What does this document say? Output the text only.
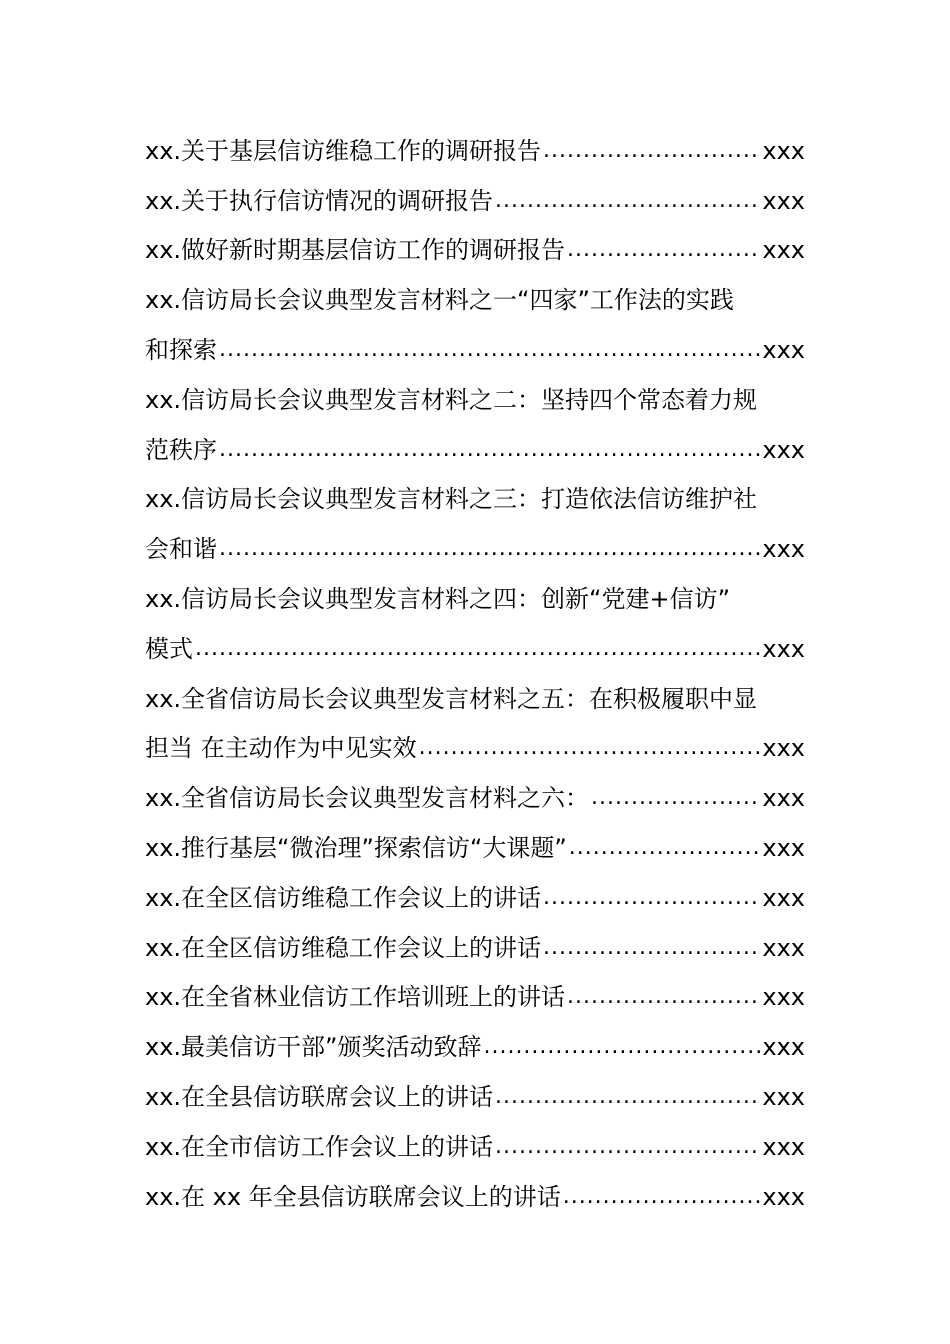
xx.关于基层信访维稳工作的调研报告 .....	xxx
xx.关于执行信访情况的调研报告 .....	xxx
xx.做好新时期基层信访工作的调研报告 .....	xxx
xx.信访局长会议典型发言材料之一“四家”工作法的实践
和探索 .....	xxx
xx.信访局长会议典型发言材料之二：坚持四个常态着力规
范秩序 .....	xxx
xx.信访局长会议典型发言材料之三：打造依法信访维护社
会和谐 .....	xxx
xx.信访局长会议典型发言材料之四：创新“党建+信访”
模式 .....	xxx
xx.全省信访局长会议典型发言材料之五：在积极履职中显
担当 在主动作为中见实效 .....	xxx
xx.全省信访局长会议典型发言材料之六： .....	xxx
xx.推行基层“微治理”探索信访“大课题” .....	xxx
xx.在全区信访维稳工作会议上的讲话 .....	xxx
xx.在全区信访维稳工作会议上的讲话 .....	xxx
xx.在全省林业信访工作培训班上的讲话 .....	xxx
xx.最美信访干部”颁奖活动致辞 .....	xxx
xx.在全县信访联席会议上的讲话 .....	xxx
xx.在全市信访工作会议上的讲话 .....	xxx
xx.在 xx 年全县信访联席会议上的讲话 .....	xxx
